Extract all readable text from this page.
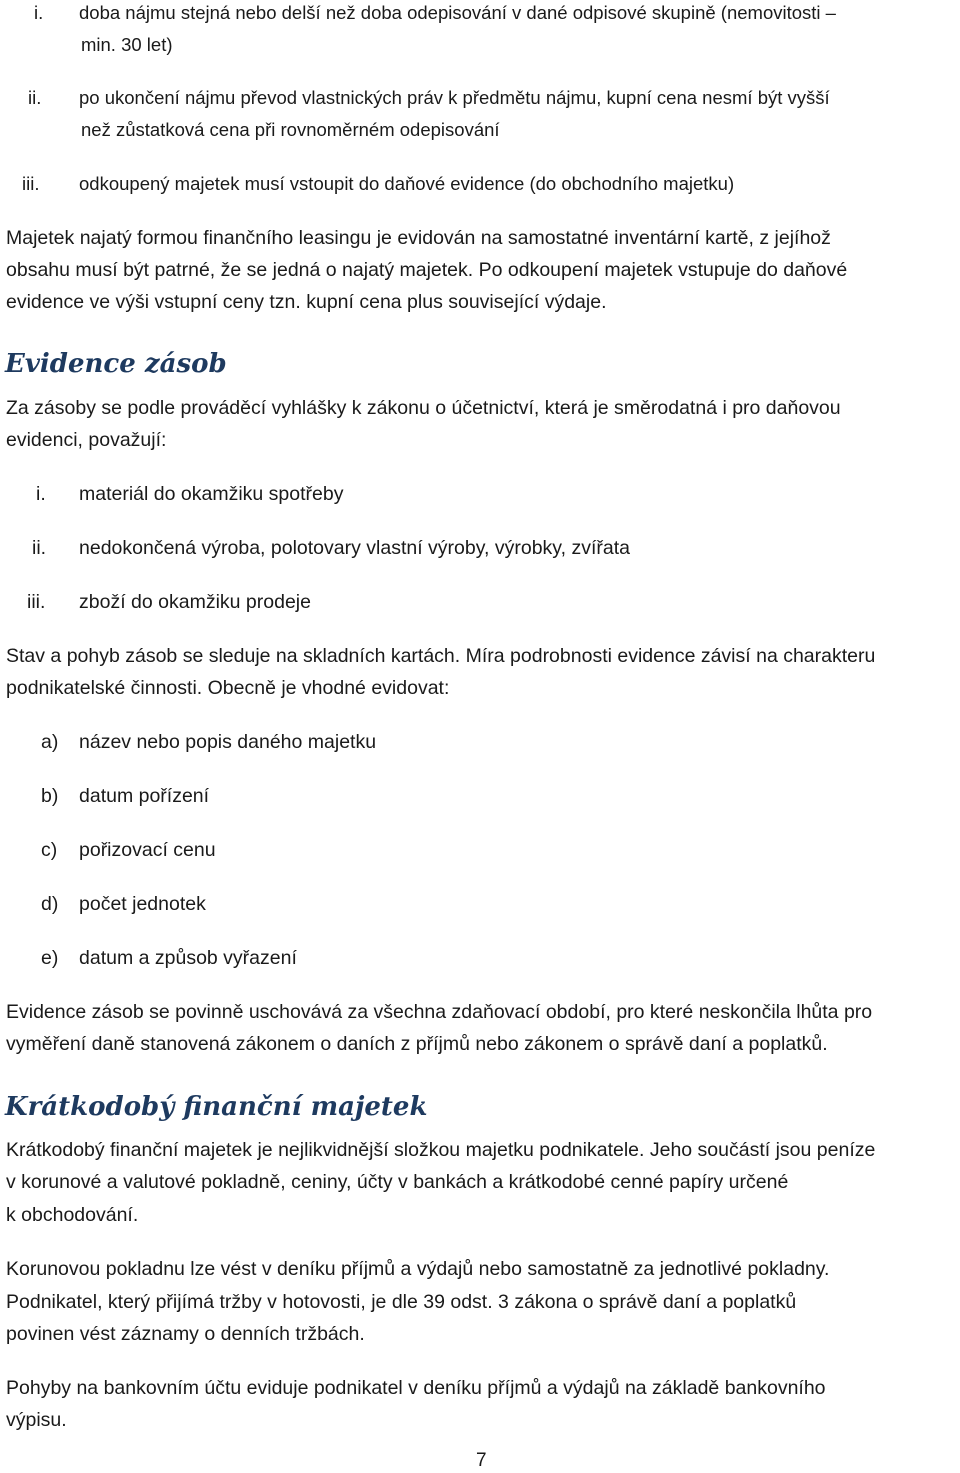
i. doba nájmu stejná nebo delší než doba odepisování v dané odpisové skupině (nemovitosti –
min. 30 let)
ii. po ukončení nájmu převod vlastnických práv k předmětu nájmu, kupní cena nesmí být vyšší
než zůstatková cena při rovnoměrném odepisování
iii. odkoupený majetek musí vstoupit do daňové evidence (do obchodního majetku)
Majetek najatý formou finančního leasingu je evidován na samostatné inventární kartě, z jejíhož
obsahu musí být patrné, že se jedná o najatý majetek. Po odkoupení majetek vstupuje do daňové
evidence ve výši vstupní ceny tzn. kupní cena plus související výdaje.
Evidence zásob
Za zásoby se podle prováděcí vyhlášky k zákonu o účetnictví, která je směrodatná i pro daňovou
evidenci, považují:
i. materiál do okamžiku spotřeby
ii. nedokončená výroba, polotovary vlastní výroby, výrobky, zvířata
iii. zboží do okamžiku prodeje
Stav a pohyb zásob se sleduje na skladních kartách. Míra podrobnosti evidence závisí na charakteru
podnikatelské činnosti. Obecně je vhodné evidovat:
a) název nebo popis daného majetku
b) datum pořízení
c) pořizovací cenu
d) počet jednotek
e) datum a způsob vyřazení
Evidence zásob se povinně uschovává za všechna zdaňovací období, pro které neskončila lhůta pro
vyměření daně stanovená zákonem o daních z příjmů nebo zákonem o správě daní a poplatků.
Krátkodobý finanční majetek
Krátkodobý finanční majetek je nejlikvidnější složkou majetku podnikatele. Jeho součástí jsou peníze
v korunové a valutové pokladně, ceniny, účty v bankách a krátkodobé cenné papíry určené
k obchodování.
Korunovou pokladnu lze vést v deníku příjmů a výdajů nebo samostatně za jednotlivé pokladny.
Podnikatel, který přijímá tržby v hotovosti, je dle 39 odst. 3 zákona o správě daní a poplatků
povinen vést záznamy o denních tržbách.
Pohyby na bankovním účtu eviduje podnikatel v deníku příjmů a výdajů na základě bankovního
výpisu.
7
